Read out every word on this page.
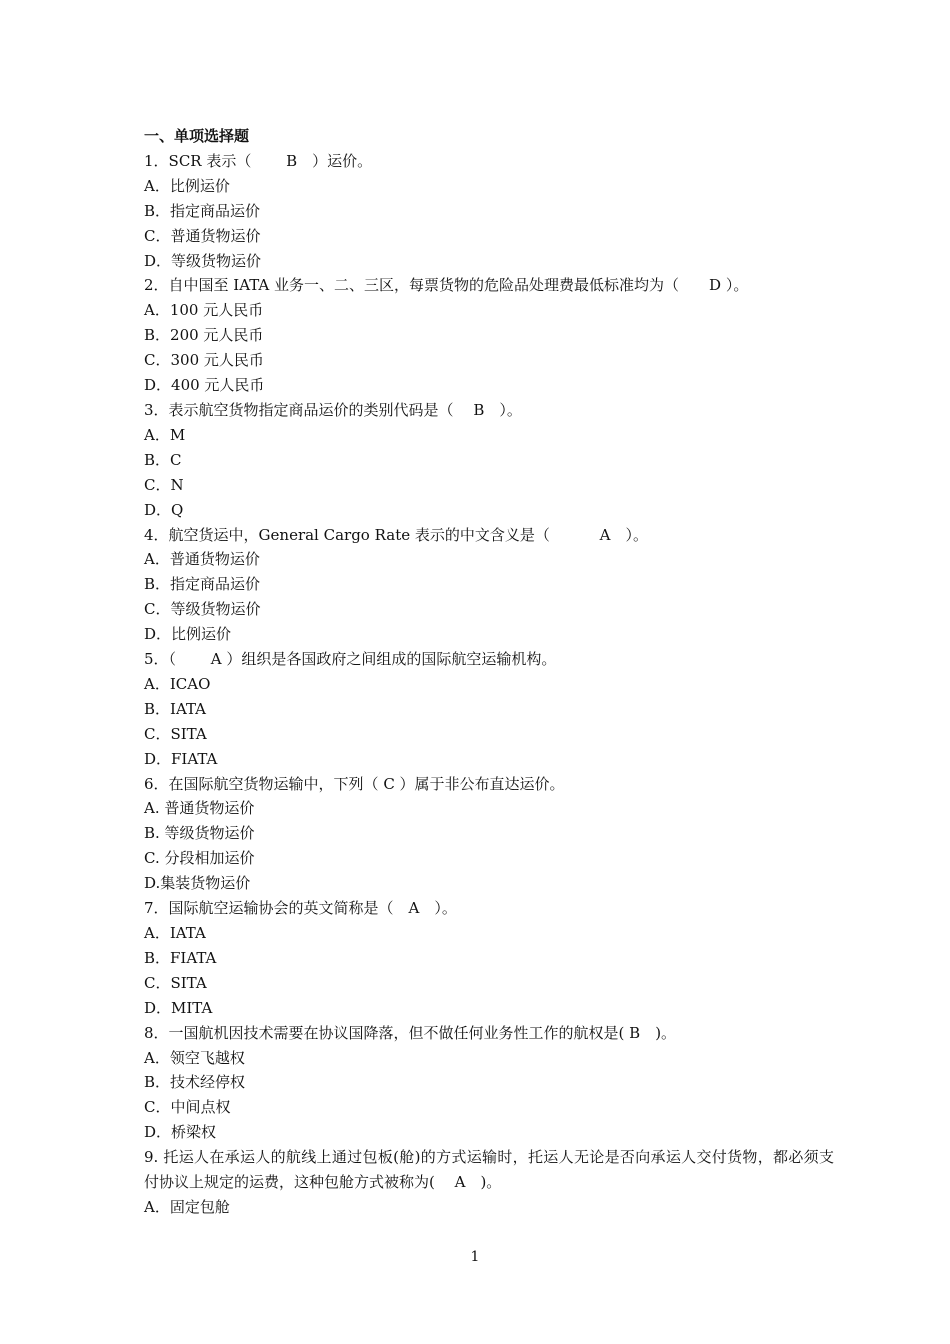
一、单项选择题
1．SCR 表示（　　 B　）运价。
A．比例运价
B．指定商品运价
C．普通货物运价
D．等级货物运价
2．自中国至 IATA 业务一、二、三区，每票货物的危险品处理费最低标准均为（　　D ）。
A．100 元人民币
B．200 元人民币
C．300 元人民币
D．400 元人民币
3．表示航空货物指定商品运价的类别代码是（　 B　）。
A．M
B．C
C．N
D．Q
4．航空货运中，General Cargo Rate 表示的中文含义是（　　　 A　）。
A．普通货物运价
B．指定商品运价
C．等级货物运价
D．比例运价
5．（　　 A ）组织是各国政府之间组成的国际航空运输机构。
A．ICAO
B．IATA
C．SITA
D．FIATA
6．在国际航空货物运输中，下列（ C ）属于非公布直达运价。
A. 普通货物运价
B. 等级货物运价
C. 分段相加运价
D.集装货物运价
7．国际航空运输协会的英文简称是（　A　）。
A．IATA
B．FIATA
C．SITA
D．MITA
8．一国航机因技术需要在协议国降落，但不做任何业务性工作的航权是( B　)。
A．领空飞越权
B．技术经停权
C．中间点权
D．桥梁权
9. 托运人在承运人的航线上通过包板(舱)的方式运输时，托运人无论是否向承运人交付货物，都必须支付协议上规定的运费，这种包舱方式被称为(　 A　)。
A．固定包舱
1
